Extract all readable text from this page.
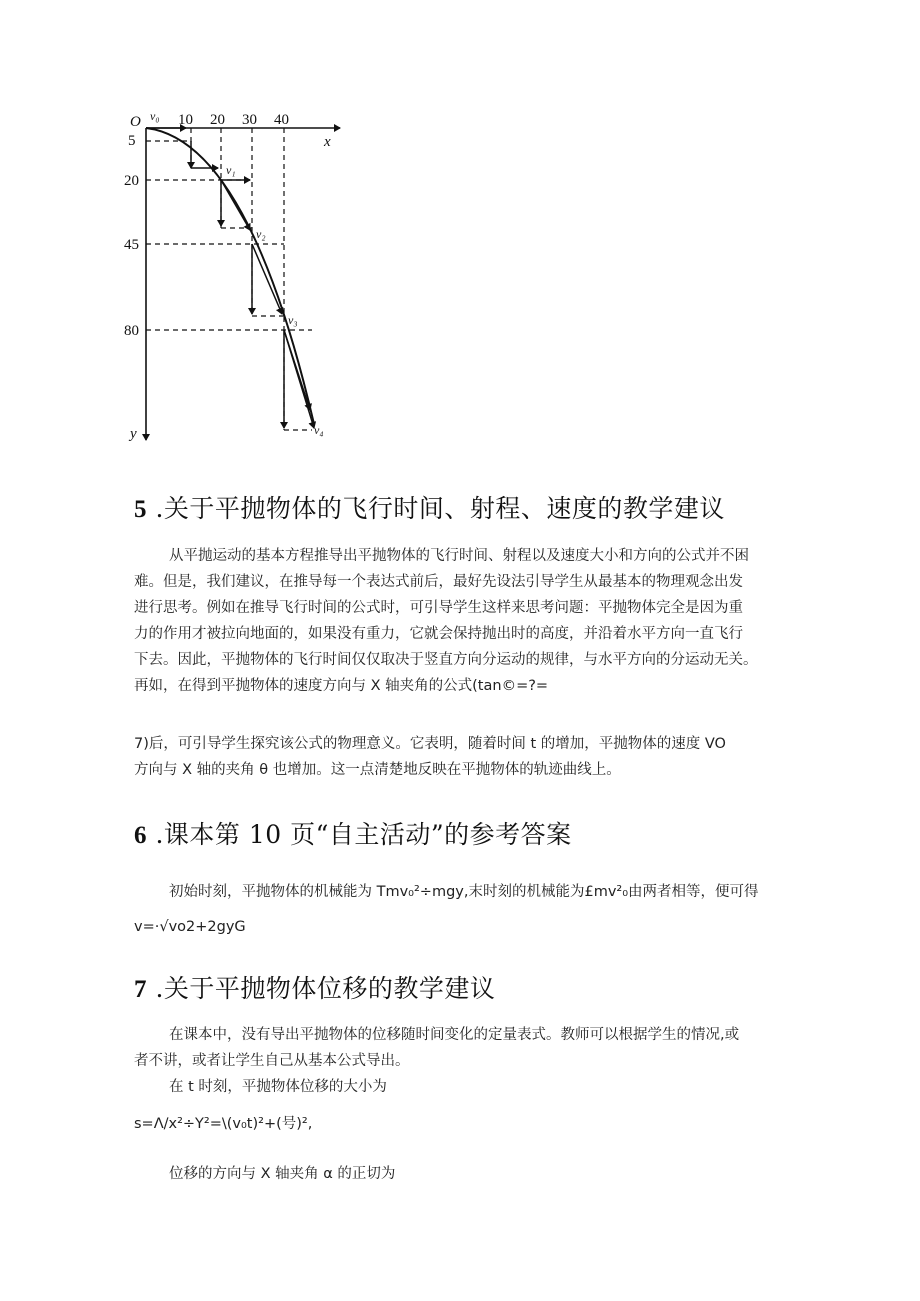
O v₀
x
y
10 20 30 40
5
20
45
80
v₁
v₂
v₃
v₄
5 .关于平抛物体的飞行时间、射程、速度的教学建议
从平抛运动的基本方程推导出平抛物体的飞行时间、射程以及速度大小和方向的公式并不困
难。但是，我们建议，在推导每一个表达式前后，最好先设法引导学生从最基本的物理观念出发
进行思考。例如在推导飞行时间的公式时，可引导学生这样来思考问题：平抛物体完全是因为重
力的作用才被拉向地面的，如果没有重力，它就会保持抛出时的高度，并沿着水平方向一直飞行
下去。因此，平抛物体的飞行时间仅仅取决于竖直方向分运动的规律，与水平方向的分运动无关。
再如，在得到平抛物体的速度方向与 X 轴夹角的公式(tan©=?=
7)后，可引导学生探究该公式的物理意义。它表明，随着时间 t 的增加，平抛物体的速度 VO
方向与 X 轴的夹角 θ 也增加。这一点清楚地反映在平抛物体的轨迹曲线上。
6 .课本第 10 页“自主活动”的参考答案
初始时刻，平抛物体的机械能为 Tmv₀²÷mgy,末时刻的机械能为£mv²₀由两者相等，便可得
v=·√vo2+2gyG
7 .关于平抛物体位移的教学建议
在课本中，没有导出平抛物体的位移随时间变化的定量表式。教师可以根据学生的情况,或
者不讲，或者让学生自己从基本公式导出。
在 t 时刻，平抛物体位移的大小为
s=Λ∕x²÷Y²=\(v₀t)²+(号)²,
位移的方向与 X 轴夹角 α 的正切为
